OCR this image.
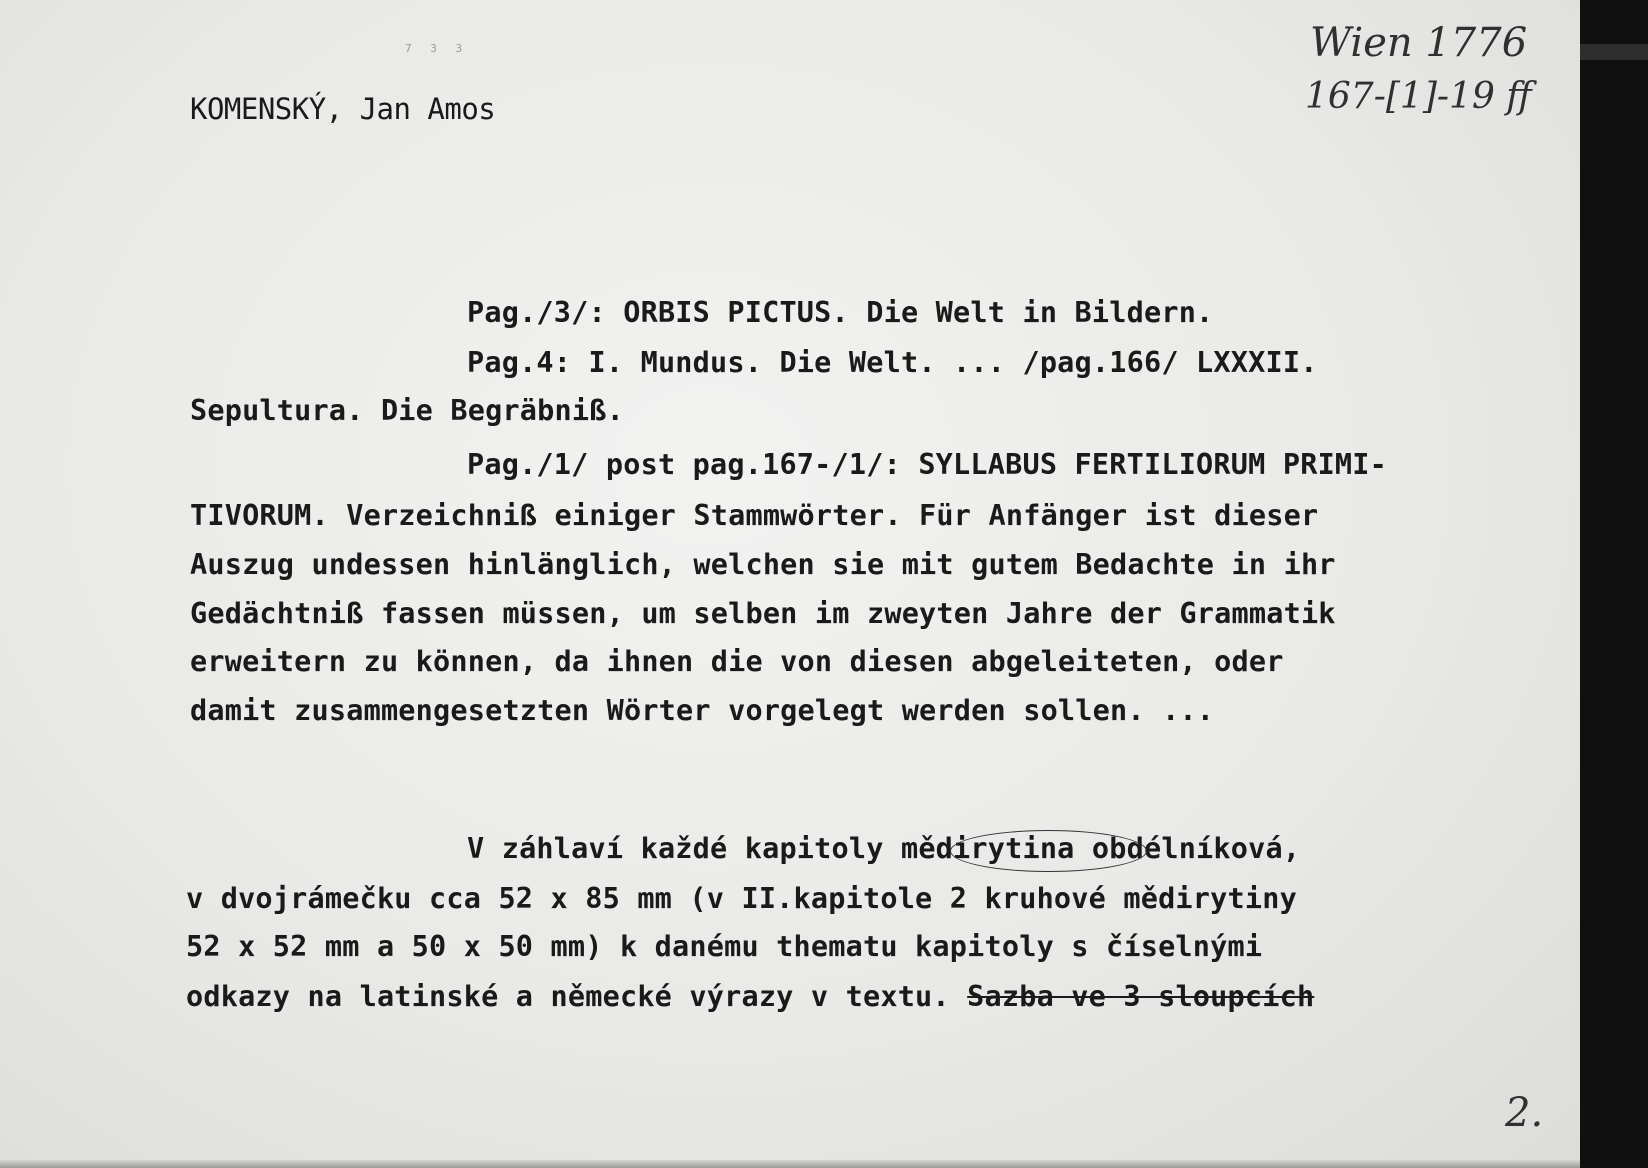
7 3 3
KOMENSKÝ, Jan Amos
Wien 1776
167-[1]-19 ff
Pag./3/: ORBIS PICTUS. Die Welt in Bildern.
Pag.4: I. Mundus. Die Welt. ... /pag.166/ LXXXII.
Sepultura. Die Begräbniß.
Pag./1/ post pag.167-/1/: SYLLABUS FERTILIORUM PRIMI-
TIVORUM. Verzeichniß einiger Stammwörter. Für Anfänger ist dieser
Auszug undessen hinlänglich, welchen sie mit gutem Bedachte in ihr
Gedächtniß fassen müssen, um selben im zweyten Jahre der Grammatik
erweitern zu können, da ihnen die von diesen abgeleiteten, oder
damit zusammengesetzten Wörter vorgelegt werden sollen. ...
V záhlaví každé kapitoly mědirytina obdélníková,
v dvojrámečku cca 52 x 85 mm (v II.kapitole 2 kruhové mědirytiny
52 x 52 mm a 50 x 50 mm) k danému thematu kapitoly s číselnými
odkazy na latinské a německé výrazy v textu. Sazba ve 3 sloupcích
2.
